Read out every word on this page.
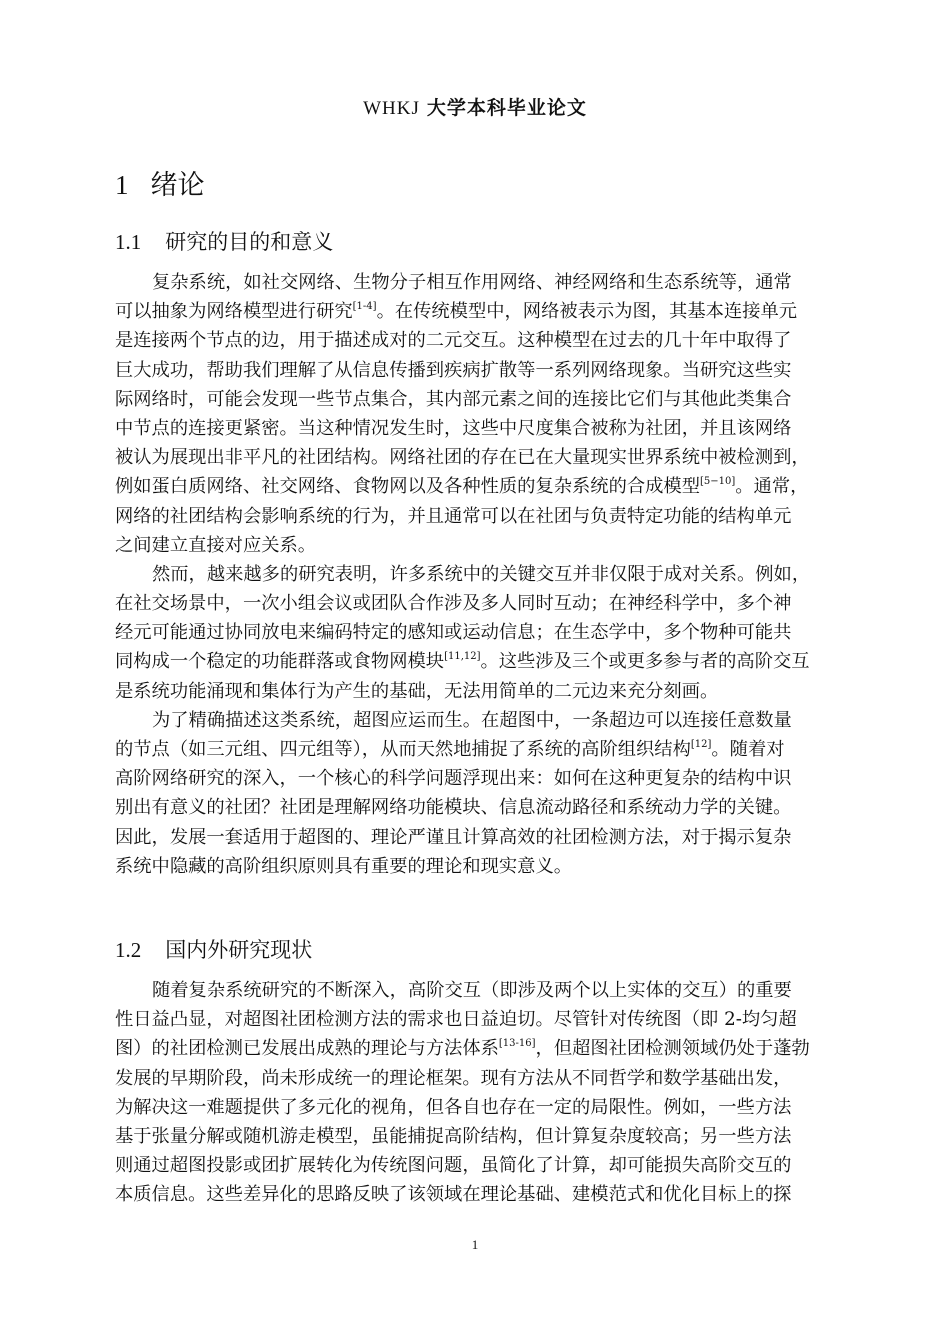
WHKJ 大学本科毕业论文
1 绪论
1.1 研究的目的和意义
复杂系统，如社交网络、生物分子相互作用网络、神经网络和生态系统等，通常
可以抽象为网络模型进行研究[1-4]。在传统模型中，网络被表示为图，其基本连接单元
是连接两个节点的边，用于描述成对的二元交互。这种模型在过去的几十年中取得了
巨大成功，帮助我们理解了从信息传播到疾病扩散等一系列网络现象。当研究这些实
际网络时，可能会发现一些节点集合，其内部元素之间的连接比它们与其他此类集合
中节点的连接更紧密。当这种情况发生时，这些中尺度集合被称为社团，并且该网络
被认为展现出非平凡的社团结构。网络社团的存在已在大量现实世界系统中被检测到，
例如蛋白质网络、社交网络、食物网以及各种性质的复杂系统的合成模型[5−10]。通常，
网络的社团结构会影响系统的行为，并且通常可以在社团与负责特定功能的结构单元
之间建立直接对应关系。
然而，越来越多的研究表明，许多系统中的关键交互并非仅限于成对关系。例如，
在社交场景中，一次小组会议或团队合作涉及多人同时互动；在神经科学中，多个神
经元可能通过协同放电来编码特定的感知或运动信息；在生态学中，多个物种可能共
同构成一个稳定的功能群落或食物网模块[11,12]。这些涉及三个或更多参与者的高阶交互
是系统功能涌现和集体行为产生的基础，无法用简单的二元边来充分刻画。
为了精确描述这类系统，超图应运而生。在超图中，一条超边可以连接任意数量
的节点（如三元组、四元组等），从而天然地捕捉了系统的高阶组织结构[12]。随着对
高阶网络研究的深入，一个核心的科学问题浮现出来：如何在这种更复杂的结构中识
别出有意义的社团？社团是理解网络功能模块、信息流动路径和系统动力学的关键。
因此，发展一套适用于超图的、理论严谨且计算高效的社团检测方法，对于揭示复杂
系统中隐藏的高阶组织原则具有重要的理论和现实意义。
1.2 国内外研究现状
随着复杂系统研究的不断深入，高阶交互（即涉及两个以上实体的交互）的重要
性日益凸显，对超图社团检测方法的需求也日益迫切。尽管针对传统图（即 2-均匀超
图）的社团检测已发展出成熟的理论与方法体系[13-16]，但超图社团检测领域仍处于蓬勃
发展的早期阶段，尚未形成统一的理论框架。现有方法从不同哲学和数学基础出发，
为解决这一难题提供了多元化的视角，但各自也存在一定的局限性。例如，一些方法
基于张量分解或随机游走模型，虽能捕捉高阶结构，但计算复杂度较高；另一些方法
则通过超图投影或团扩展转化为传统图问题，虽简化了计算，却可能损失高阶交互的
本质信息。这些差异化的思路反映了该领域在理论基础、建模范式和优化目标上的探
1
